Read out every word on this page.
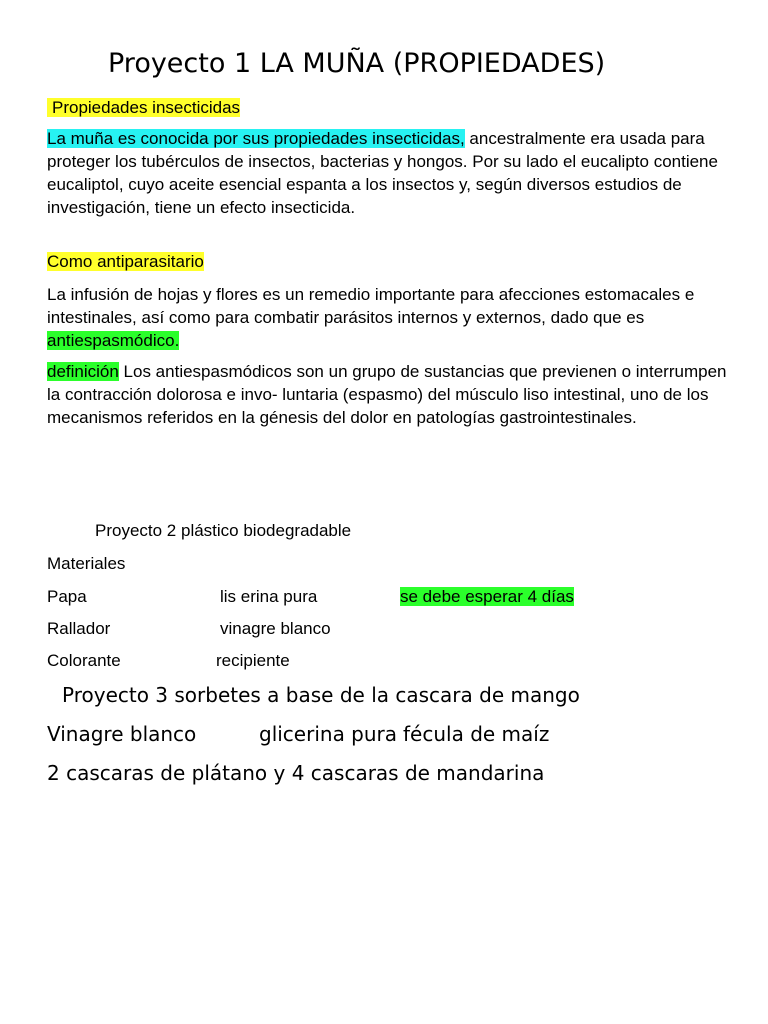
Proyecto 1 LA MUÑA (PROPIEDADES)
Propiedades insecticidas
La muña es conocida por sus propiedades insecticidas, ancestralmente era usada para proteger los tubérculos de insectos, bacterias y hongos. Por su lado el eucalipto contiene eucaliptol, cuyo aceite esencial espanta a los insectos y, según diversos estudios de investigación, tiene un efecto insecticida.
Como antiparasitario
La infusión de hojas y flores es un remedio importante para afecciones estomacales e intestinales, así como para combatir parásitos internos y externos, dado que es antiespasmódico.
definición Los antiespasmódicos son un grupo de sustancias que previenen o interrumpen la contracción dolorosa e invo- luntaria (espasmo) del músculo liso intestinal, uno de los mecanismos referidos en la génesis del dolor en patologías gastrointestinales.
Proyecto 2 plástico biodegradable
Materiales
Papa	lis erina pura	se debe esperar 4 días
Rallador	vinagre blanco
Colorante	recipiente
Proyecto 3 sorbetes a base de la cascara de mango
Vinagre blanco	glicerina pura fécula de maíz
2 cascaras de plátano y 4 cascaras de mandarina
